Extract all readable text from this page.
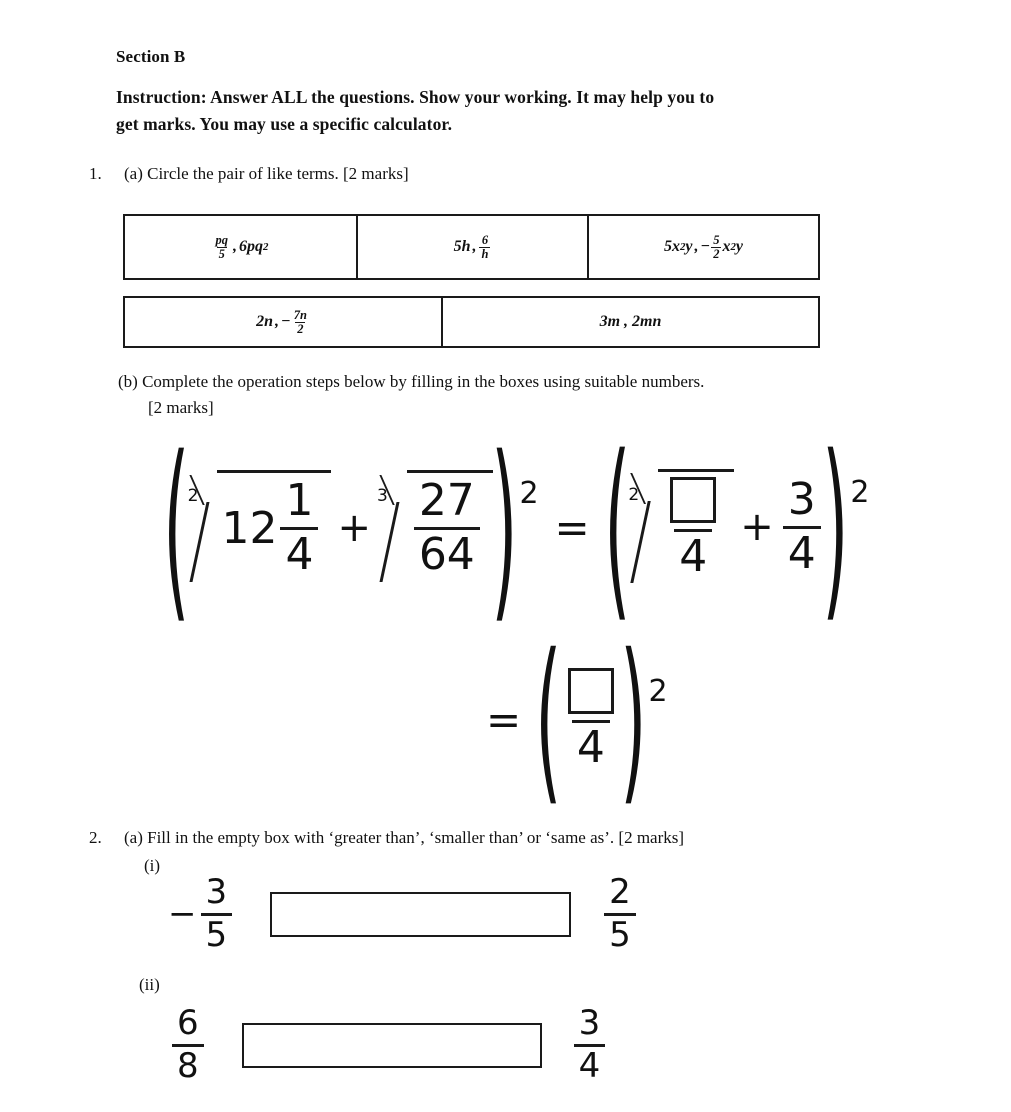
Section B
Instruction: Answer ALL the questions. Show your working. It may help you to get marks. You may use a specific calculator.
1. (a) Circle the pair of like terms. [2 marks]
$\frac{pq}{5}$ , 6pq 2	5h , $\frac{6}{h}$	5x 2 y , − $\frac{5}{2}$ x 2 y
2n , − $\frac{7n}{2}$	3m , 2mn
(b) Complete the operation steps below by filling in the boxes using suitable numbers.
[2 marks]
(
2
$12 \frac{1}{4}$ +
$3 \frac{27}{64}$ ) 2
= (
2
4
+ $\frac{3}{4}$ ) 2
= ( 4 ) 2
2. (a) Fill in the empty box with ‘greater than’, ‘smaller than’ or ‘same as’. [2 marks]
(i)
− $\frac{3}{5}$	$\frac{2}{5}$
(ii)
$\frac{6}{8}$	$\frac{3}{4}$
